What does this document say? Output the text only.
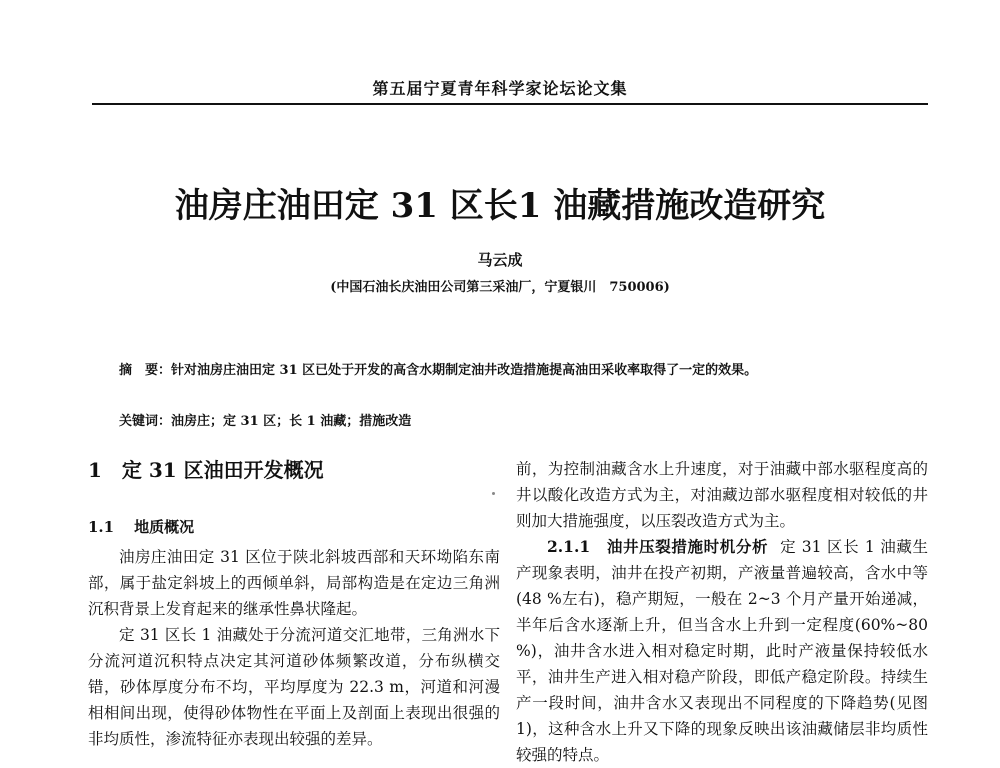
第五届宁夏青年科学家论坛论文集
油房庄油田定 31 区长1 油藏措施改造研究
马云成
(中国石油长庆油田公司第三采油厂，宁夏银川　750006)
摘　要：针对油房庄油田定 31 区已处于开发的高含水期制定油井改造措施提高油田采收率取得了一定的效果。
关键词：油房庄；定 31 区；长 1 油藏；措施改造
1 定 31 区油田开发概况
1.1 地质概况

油房庄油田定 31 区位于陕北斜坡西部和天环坳陷东南部，属于盐定斜坡上的西倾单斜，局部构造是在定边三角洲沉积背景上发育起来的继承性鼻状隆起。

定 31 区长 1 油藏处于分流河道交汇地带，三角洲水下分流河道沉积特点决定其河道砂体频繁改道，分布纵横交错，砂体厚度分布不均，平均厚度为 22.3 m，河道和河漫相相间出现，使得砂体物性在平面上及剖面上表现出很强的非均质性，渗流特征亦表现出较强的差异。

前，为控制油藏含水上升速度，对于油藏中部水驱程度高的井以酸化改造方式为主，对油藏边部水驱程度相对较低的井则加大措施强度，以压裂改造方式为主。

2.1.1　油井压裂措施时机分析 定 31 区长 1 油藏生产现象表明，油井在投产初期，产液量普遍较高，含水中等(48 %左右)，稳产期短，一般在 2~3 个月产量开始递减，半年后含水逐渐上升，但当含水上升到一定程度(60%~80 %)，油井含水进入相对稳定时期，此时产液量保持较低水平，油井生产进入相对稳产阶段，即低产稳定阶段。持续生产一段时间，油井含水又表现出不同程度的下降趋势(见图 1)，这种含水上升又下降的现象反映出该油藏储层非均质性较强的特点。
